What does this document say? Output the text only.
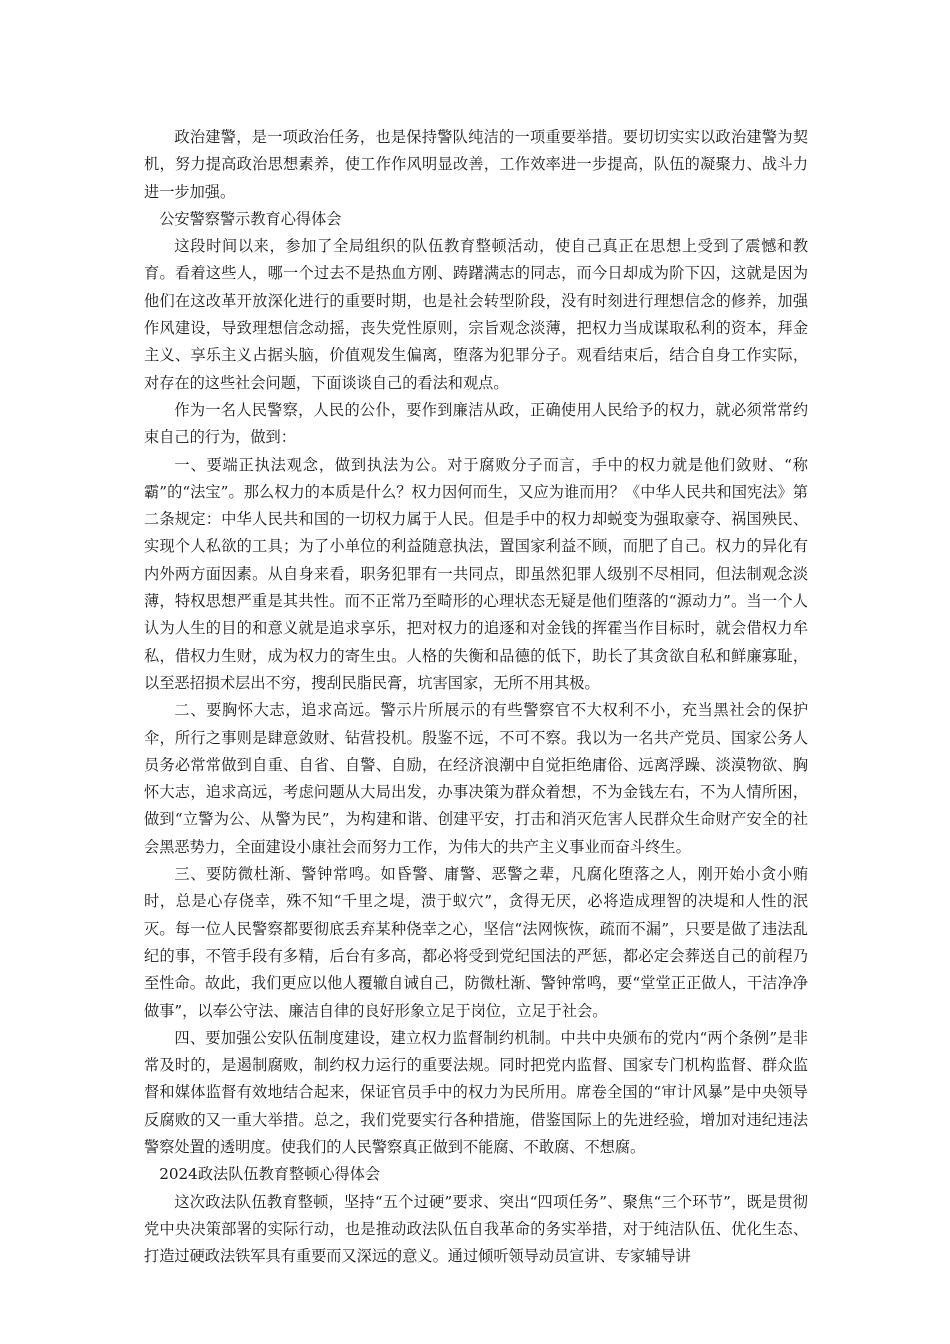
政治建警，是一项政治任务，也是保持警队纯洁的一项重要举措。要切切实实以政治建警为契机，努力提高政治思想素养，使工作作风明显改善，工作效率进一步提高，队伍的凝聚力、战斗力进一步加强。

公安警察警示教育心得体会

这段时间以来，参加了全局组织的队伍教育整顿活动，使自己真正在思想上受到了震憾和教育。看着这些人，哪一个过去不是热血方刚、踌躇满志的同志，而今日却成为阶下囚，这就是因为他们在这改革开放深化进行的重要时期，也是社会转型阶段，没有时刻进行理想信念的修养，加强作风建设，导致理想信念动摇，丧失党性原则，宗旨观念淡薄，把权力当成谋取私利的资本，拜金主义、享乐主义占据头脑，价值观发生偏离，堕落为犯罪分子。观看结束后，结合自身工作实际，对存在的这些社会问题，下面谈谈自己的看法和观点。

作为一名人民警察，人民的公仆，要作到廉洁从政，正确使用人民给予的权力，就必须常常约束自己的行为，做到：

一、要端正执法观念，做到执法为公。对于腐败分子而言，手中的权力就是他们敛财、“称霸”的“法宝”。那么权力的本质是什么？权力因何而生，又应为谁而用？《中华人民共和国宪法》第二条规定：中华人民共和国的一切权力属于人民。但是手中的权力却蜕变为强取豪夺、祸国殃民、实现个人私欲的工具；为了小单位的利益随意执法，置国家利益不顾，而肥了自己。权力的异化有内外两方面因素。从自身来看，职务犯罪有一共同点，即虽然犯罪人级别不尽相同，但法制观念淡薄，特权思想严重是其共性。而不正常乃至畸形的心理状态无疑是他们堕落的“源动力”。当一个人认为人生的目的和意义就是追求享乐，把对权力的追逐和对金钱的挥霍当作目标时，就会借权力牟私，借权力生财，成为权力的寄生虫。人格的失衡和品德的低下，助长了其贪欲自私和鲜廉寡耻，以至恶招损术层出不穷，搜刮民脂民膏，坑害国家，无所不用其极。

二、要胸怀大志，追求高远。警示片所展示的有些警察官不大权利不小，充当黑社会的保护伞，所行之事则是肆意敛财、钻营投机。殷鉴不远，不可不察。我以为一名共产党员、国家公务人员务必常常做到自重、自省、自警、自励，在经济浪潮中自觉拒绝庸俗、远离浮躁、淡漠物欲、胸怀大志，追求高远，考虑问题从大局出发，办事决策为群众着想，不为金钱左右，不为人情所困，做到“立警为公、从警为民”，为构建和谐、创建平安，打击和消灭危害人民群众生命财产安全的社会黑恶势力，全面建设小康社会而努力工作，为伟大的共产主义事业而奋斗终生。

三、要防微杜渐、警钟常鸣。如昏警、庸警、恶警之辈，凡腐化堕落之人，刚开始小贪小贿时，总是心存侥幸，殊不知“千里之堤，溃于蚁穴”，贪得无厌，必将造成理智的决堤和人性的泯灭。每一位人民警察都要彻底丢弃某种侥幸之心，坚信“法网恢恢，疏而不漏”，只要是做了违法乱纪的事，不管手段有多精，后台有多高，都必将受到党纪国法的严惩，都必定会葬送自己的前程乃至性命。故此，我们更应以他人覆辙自诫自己，防微杜渐、警钟常鸣，要“堂堂正正做人，干洁净净做事”，以奉公守法、廉洁自律的良好形象立足于岗位，立足于社会。

四、要加强公安队伍制度建设，建立权力监督制约机制。中共中央颁布的党内“两个条例”是非常及时的，是遏制腐败，制约权力运行的重要法规。同时把党内监督、国家专门机构监督、群众监督和媒体监督有效地结合起来，保证官员手中的权力为民所用。席卷全国的“审计风暴”是中央领导反腐败的又一重大举措。总之，我们党要实行各种措施，借鉴国际上的先进经验，增加对违纪违法警察处置的透明度。使我们的人民警察真正做到不能腐、不敢腐、不想腐。

2024政法队伍教育整顿心得体会

这次政法队伍教育整顿，坚持“五个过硬”要求、突出“四项任务”、聚焦“三个环节”，既是贯彻党中央决策部署的实际行动，也是推动政法队伍自我革命的务实举措，对于纯洁队伍、优化生态、打造过硬政法铁军具有重要而又深远的意义。通过倾听领导动员宣讲、专家辅导讲
